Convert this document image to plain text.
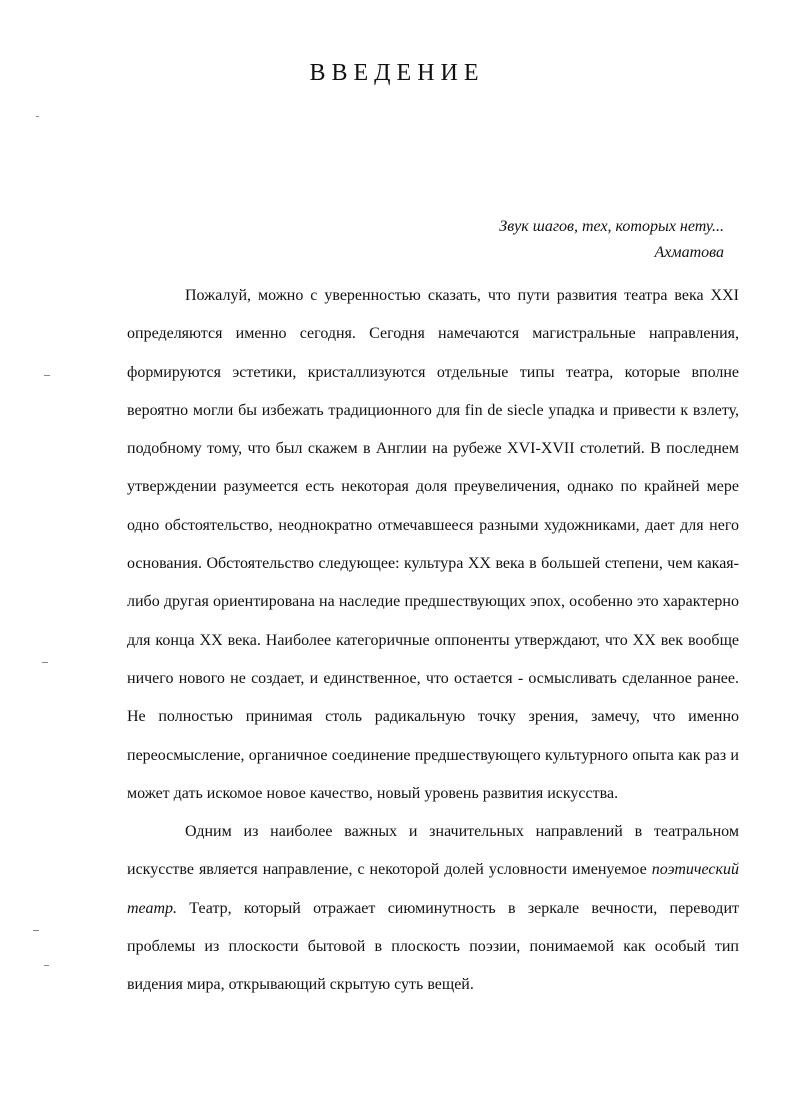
ВВЕДЕНИЕ
Звук шагов, тех, которых нету...

Ахматова

Пожалуй, можно с уверенностью сказать, что пути развития театра века XXI определяются именно сегодня. Сегодня намечаются магистральные направления, формируются эстетики, кристаллизуются отдельные типы театра, которые вполне вероятно могли бы избежать традиционного для fin de siecle упадка и привести к взлету, подобному тому, что был скажем в Англии на рубеже XVI-XVII столетий. В последнем утверждении разумеется есть некоторая доля преувеличения, однако по крайней мере одно обстоятельство, неоднократно отмечавшееся разными художниками, дает для него основания. Обстоятельство следующее: культура XX века в большей степени, чем какая-либо другая ориентирована на наследие предшествующих эпох, особенно это характерно для конца XX века. Наиболее категоричные оппоненты утверждают, что XX век вообще ничего нового не создает, и единственное, что остается - осмысливать сделанное ранее. Не полностью принимая столь радикальную точку зрения, замечу, что именно переосмысление, органичное соединение предшествующего культурного опыта как раз и может дать искомое новое качество, новый уровень развития искусства.

Одним из наиболее важных и значительных направлений в театральном искусстве является направление, с некоторой долей условности именуемое поэтический театр. Театр, который отражает сиюминутность в зеркале вечности, переводит проблемы из плоскости бытовой в плоскость поэзии, понимаемой как особый тип видения мира, открывающий скрытую суть вещей.
